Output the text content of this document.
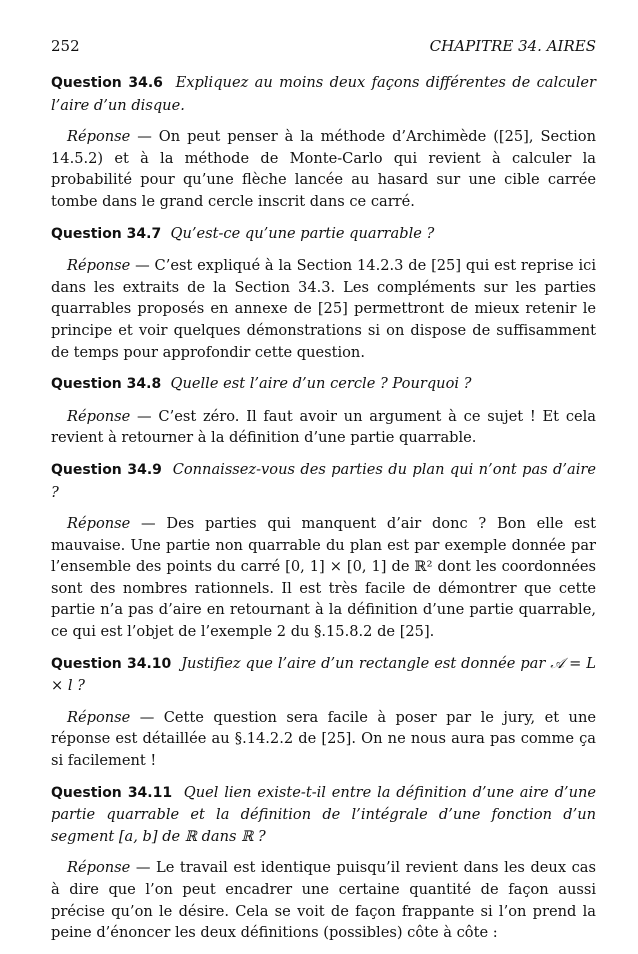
252	CHAPITRE 34. AIRES

Question 34.6 Expliquez au moins deux façons différentes de calculer l’aire d’un disque.

Réponse — On peut penser à la méthode d’Archimède ([25], Section 14.5.2) et à la méthode de Monte-Carlo qui revient à calculer la probabilité pour qu’une flèche lancée au hasard sur une cible carrée tombe dans le grand cercle inscrit dans ce carré.

Question 34.7 Qu’est-ce qu’une partie quarrable ?

Réponse — C’est expliqué à la Section 14.2.3 de [25] qui est reprise ici dans les extraits de la Section 34.3. Les compléments sur les parties quarrables proposés en annexe de [25] permettront de mieux retenir le principe et voir quelques démonstrations si on dispose de suffisamment de temps pour approfondir cette question.

Question 34.8 Quelle est l’aire d’un cercle ? Pourquoi ?

Réponse — C’est zéro. Il faut avoir un argument à ce sujet ! Et cela revient à retourner à la définition d’une partie quarrable.

Question 34.9 Connaissez-vous des parties du plan qui n’ont pas d’aire ?

Réponse — Des parties qui manquent d’air donc ? Bon elle est mauvaise. Une partie non quarrable du plan est par exemple donnée par l’ensemble des points du carré [0, 1] × [0, 1] de ℝ² dont les coordonnées sont des nombres rationnels. Il est très facile de démontrer que cette partie n’a pas d’aire en retournant à la définition d’une partie quarrable, ce qui est l’objet de l’exemple 2 du §.15.8.2 de [25].

Question 34.10 Justifiez que l’aire d’un rectangle est donnée par 𝒜 = L × l ?

Réponse — Cette question sera facile à poser par le jury, et une réponse est détaillée au §.14.2.2 de [25]. On ne nous aura pas comme ça si facilement !

Question 34.11 Quel lien existe-t-il entre la définition d’une aire d’une partie quarrable et la définition de l’intégrale d’une fonction d’un segment [a, b] de ℝ dans ℝ ?

Réponse — Le travail est identique puisqu’il revient dans les deux cas à dire que l’on peut encadrer une certaine quantité de façon aussi précise qu’on le désire. Cela se voit de façon frappante si l’on prend la peine d’énoncer les deux définitions (possibles) côte à côte :
